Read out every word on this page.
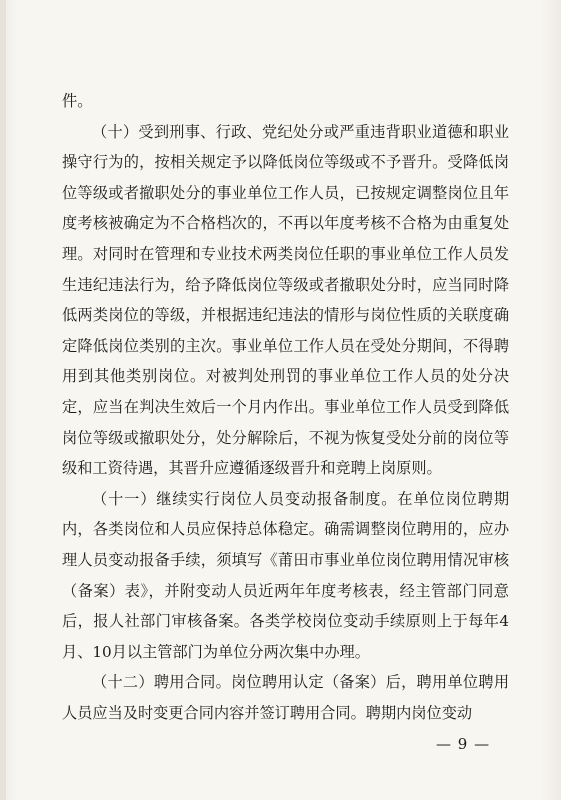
件。

（十）受到刑事、行政、党纪处分或严重违背职业道德和职业操守行为的，按相关规定予以降低岗位等级或不予晋升。受降低岗位等级或者撤职处分的事业单位工作人员，已按规定调整岗位且年度考核被确定为不合格档次的，不再以年度考核不合格为由重复处理。对同时在管理和专业技术两类岗位任职的事业单位工作人员发生违纪违法行为，给予降低岗位等级或者撤职处分时，应当同时降低两类岗位的等级，并根据违纪违法的情形与岗位性质的关联度确定降低岗位类别的主次。事业单位工作人员在受处分期间，不得聘用到其他类别岗位。对被判处刑罚的事业单位工作人员的处分决定，应当在判决生效后一个月内作出。事业单位工作人员受到降低岗位等级或撤职处分，处分解除后，不视为恢复受处分前的岗位等级和工资待遇，其晋升应遵循逐级晋升和竞聘上岗原则。

（十一）继续实行岗位人员变动报备制度。在单位岗位聘期内，各类岗位和人员应保持总体稳定。确需调整岗位聘用的，应办理人员变动报备手续，须填写《莆田市事业单位岗位聘用情况审核（备案）表》，并附变动人员近两年年度考核表，经主管部门同意后，报人社部门审核备案。各类学校岗位变动手续原则上于每年4月、10月以主管部门为单位分两次集中办理。

（十二）聘用合同。岗位聘用认定（备案）后，聘用单位聘用人员应当及时变更合同内容并签订聘用合同。聘期内岗位变动

— 9 —
